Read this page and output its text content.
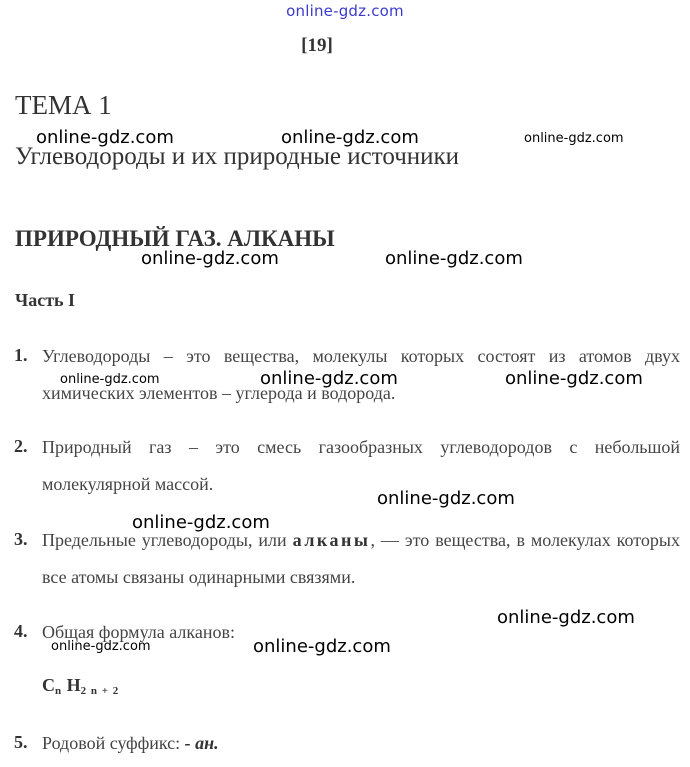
online-gdz.com
[19]
ТЕМА 1
Углеводороды и их природные источники
ПРИРОДНЫЙ ГАЗ. АЛКАНЫ
Часть I
1. Углеводороды – это вещества, молекулы которых состоят из атомов двух химических элементов – углерода и водорода.
2. Природный газ – это смесь газообразных углеводородов с небольшой молекулярной массой.
3. Предельные углеводороды, или алканы, — это вещества, в молекулах которых все атомы связаны одинарными связями.
4. Общая формула алканов:
$C_n$ $H_{2 n + 2}$
5. Родовой суффикс: - ан.
online-gdz.com	online-gdz.com	online-gdz.com
online-gdz.com	online-gdz.com
online-gdz.com	online-gdz.com	online-gdz.com
online-gdz.com
online-gdz.com
online-gdz.com
online-gdz.com	online-gdz.com
